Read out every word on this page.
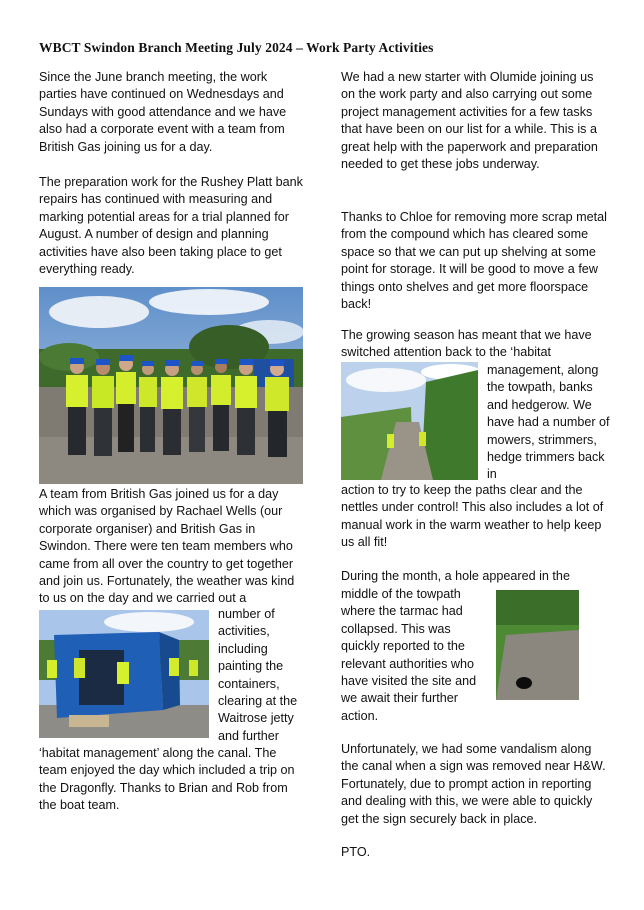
WBCT Swindon Branch Meeting July 2024 – Work Party Activities

Since the June branch meeting, the work parties have continued on Wednesdays and Sundays with good attendance and we have also had a corporate event with a team from British Gas joining us for a day.

The preparation work for the Rushey Platt bank repairs has continued with measuring and marking potential areas for a trial planned for August. A number of design and planning activities have also been taking place to get everything ready.

A team from British Gas joined us for a day which was organised by Rachael Wells (our corporate organiser) and British Gas in Swindon. There were ten team members who came from all over the country to get together and join us. Fortunately, the weather was kind to us on the day and we carried out a

number of activities, including painting the containers, clearing at the Waitrose jetty and further

‘habitat management’ along the canal. The team enjoyed the day which included a trip on the Dragonfly. Thanks to Brian and Rob from the boat team.

We had a new starter with Olumide joining us on the work party and also carrying out some project management activities for a few tasks that have been on our list for a while. This is a great help with the paperwork and preparation needed to get these jobs underway.

Thanks to Chloe for removing more scrap metal from the compound which has cleared some space so that we can put up shelving at some point for storage. It will be good to move a few things onto shelves and get more floorspace back!

The growing season has meant that we have switched attention back to the ‘habitat

management, along the towpath, banks and hedgerow. We have had a number of mowers, strimmers, hedge trimmers back in

action to try to keep the paths clear and the nettles under control! This also includes a lot of manual work in the warm weather to help keep us all fit!

During the month, a hole appeared in the

middle of the towpath where the tarmac had collapsed. This was quickly reported to the relevant authorities who have visited the site and we await their further action.

Unfortunately, we had some vandalism along the canal when a sign was removed near H&W. Fortunately, due to prompt action in reporting and dealing with this, we were able to quickly get the sign securely back in place.

PTO.
